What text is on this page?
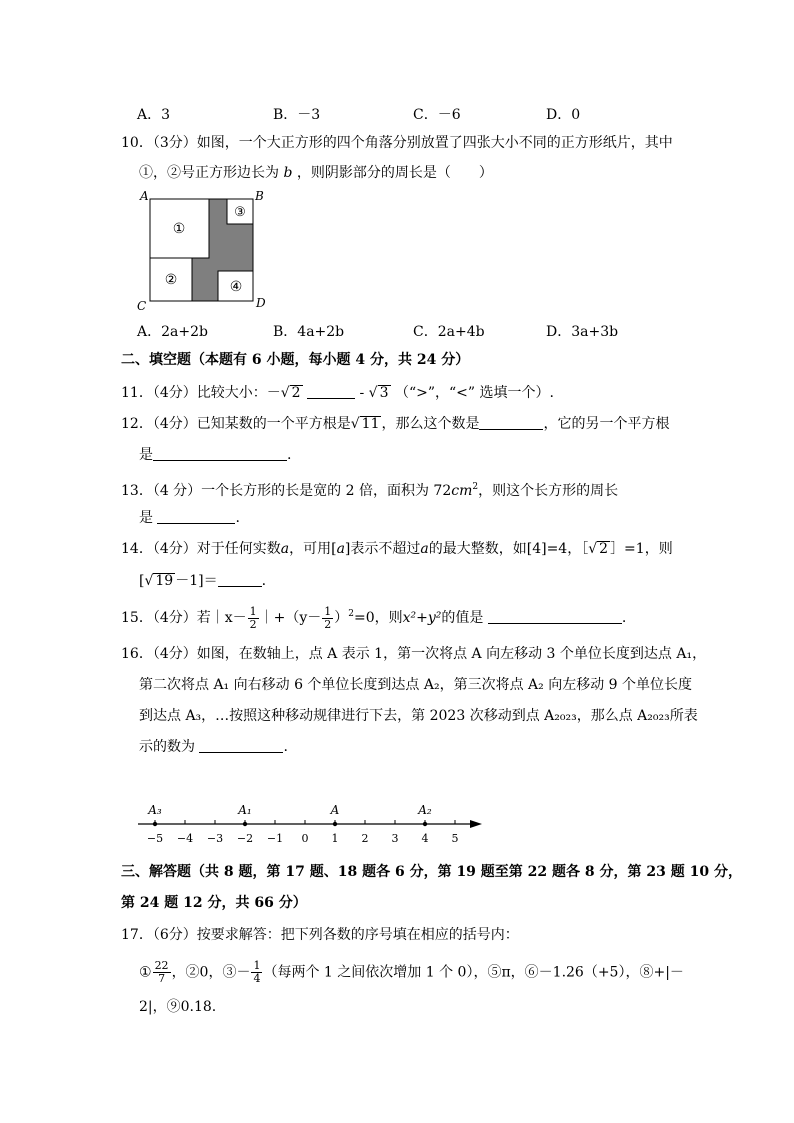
A．3	B．－3	C．－6	D．0
10．（3分）如图，一个大正方形的四个角落分别放置了四张大小不同的正方形纸片，其中
①，②号正方形边长为 b ，则阴影部分的周长是（　　）
①
②
③
④
A	B
C	D
A．2a+2b	B．4a+2b	C．2a+4b	D．3a+3b
二、填空题（本题有 6 小题，每小题 4 分，共 24 分）
11．（4分）比较大小：－√ 2	- √ 3 （“>”，“<” 选填一个）.
12．（4分）已知某数的一个平方根是√ 11 ，那么这个数是	，它的另一个平方根
是	.
13．（4 分）一个长方形的长是宽的 2 倍，面积为 $72cm^2$，则这个长方形的周长
是	.
14．（4分）对于任何实数a，可用[a]表示不超过a的最大整数，如[4]=4，［√ 2 ］=1，则
[√ 19 －1]＝	.
15．（4分）若｜x－ $\frac{1}{2}$ ｜+（y－ $\frac{1}{2} )^2=0$，则x²+y²的值是	.
16．（4分）如图，在数轴上，点 A 表示 1，第一次将点 A 向左移动 3 个单位长度到达点 A₁，
第二次将点 A₁ 向右移动 6 个单位长度到达点 A₂，第三次将点 A₂ 向左移动 9 个单位长度
到达点 A₃，…按照这种移动规律进行下去，第 2023 次移动到点 A₂₀₂₃，那么点 A₂₀₂₃所表
示的数为	.
−5 −4 −3 −2 −1 0 1 2 3 4 5
A₃	A₁	A	A₂
三、解答题（共 8 题，第 17 题、18 题各 6 分，第 19 题至第 22 题各 8 分，第 23 题 10 分，
第 24 题 12 分，共 66 分）
17．（6分）按要求解答：把下列各数的序号填在相应的括号内：
① $\frac{22}{7}$ ，②0，③－ $\frac{1}{4}$ （每两个 1 之间依次增加 1 个 0），⑤π，⑥－1.26（+5），⑧+|－
2|，⑨0.18.
